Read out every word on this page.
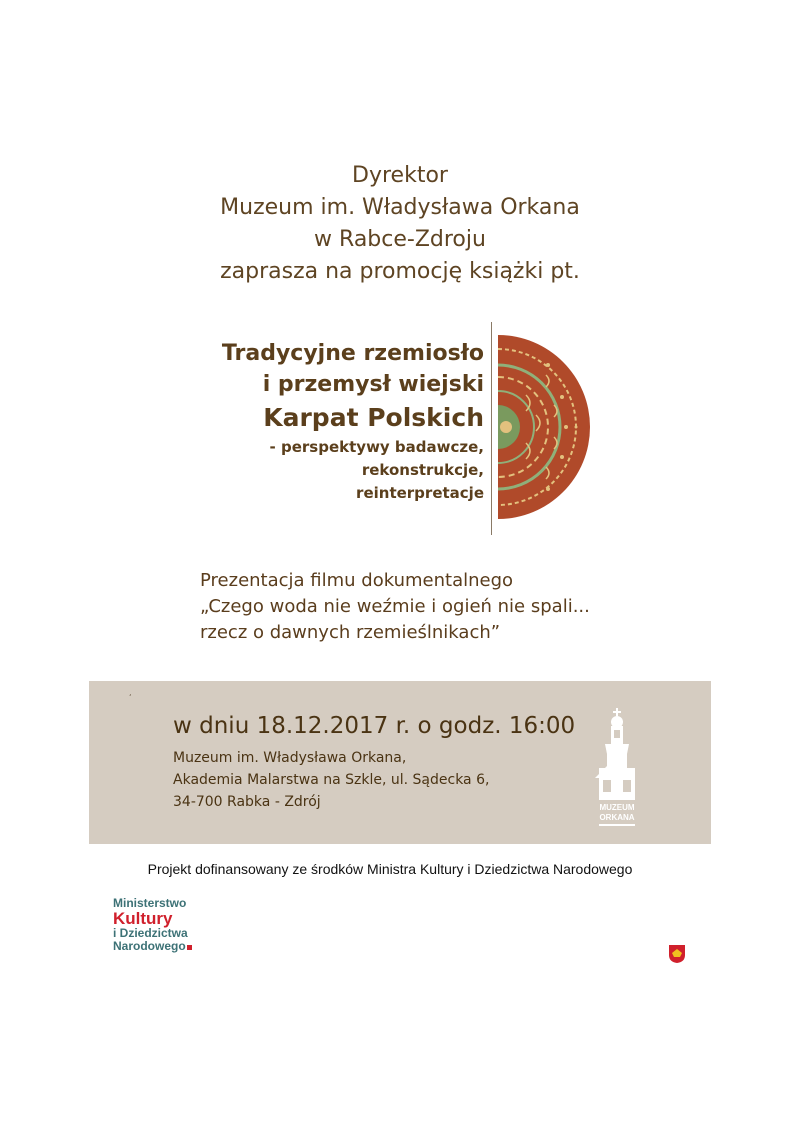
Dyrektor
Muzeum im. Władysława Orkana
w Rabce-Zdroju
zaprasza na promocję książki pt.
Tradycyjne rzemiosło
i przemysł wiejski
Karpat Polskich
- perspektywy badawcze,
rekonstrukcje,
reinterpretacje
Prezentacja filmu dokumentalnego
„Czego woda nie weźmie i ogień nie spali...
rzecz o dawnych rzemieślnikach”
‘
w dniu 18.12.2017 r. o godz. 16:00
Muzeum im. Władysława Orkana,
Akademia Malarstwa na Szkle, ul. Sądecka 6,
34-700 Rabka - Zdrój	MUZEUM
ORKANA
Projekt dofinansowany ze środków Ministra Kultury i Dziedzictwa Narodowego
Ministerstwo
Kultury
i Dziedzictwa
Narodowego
